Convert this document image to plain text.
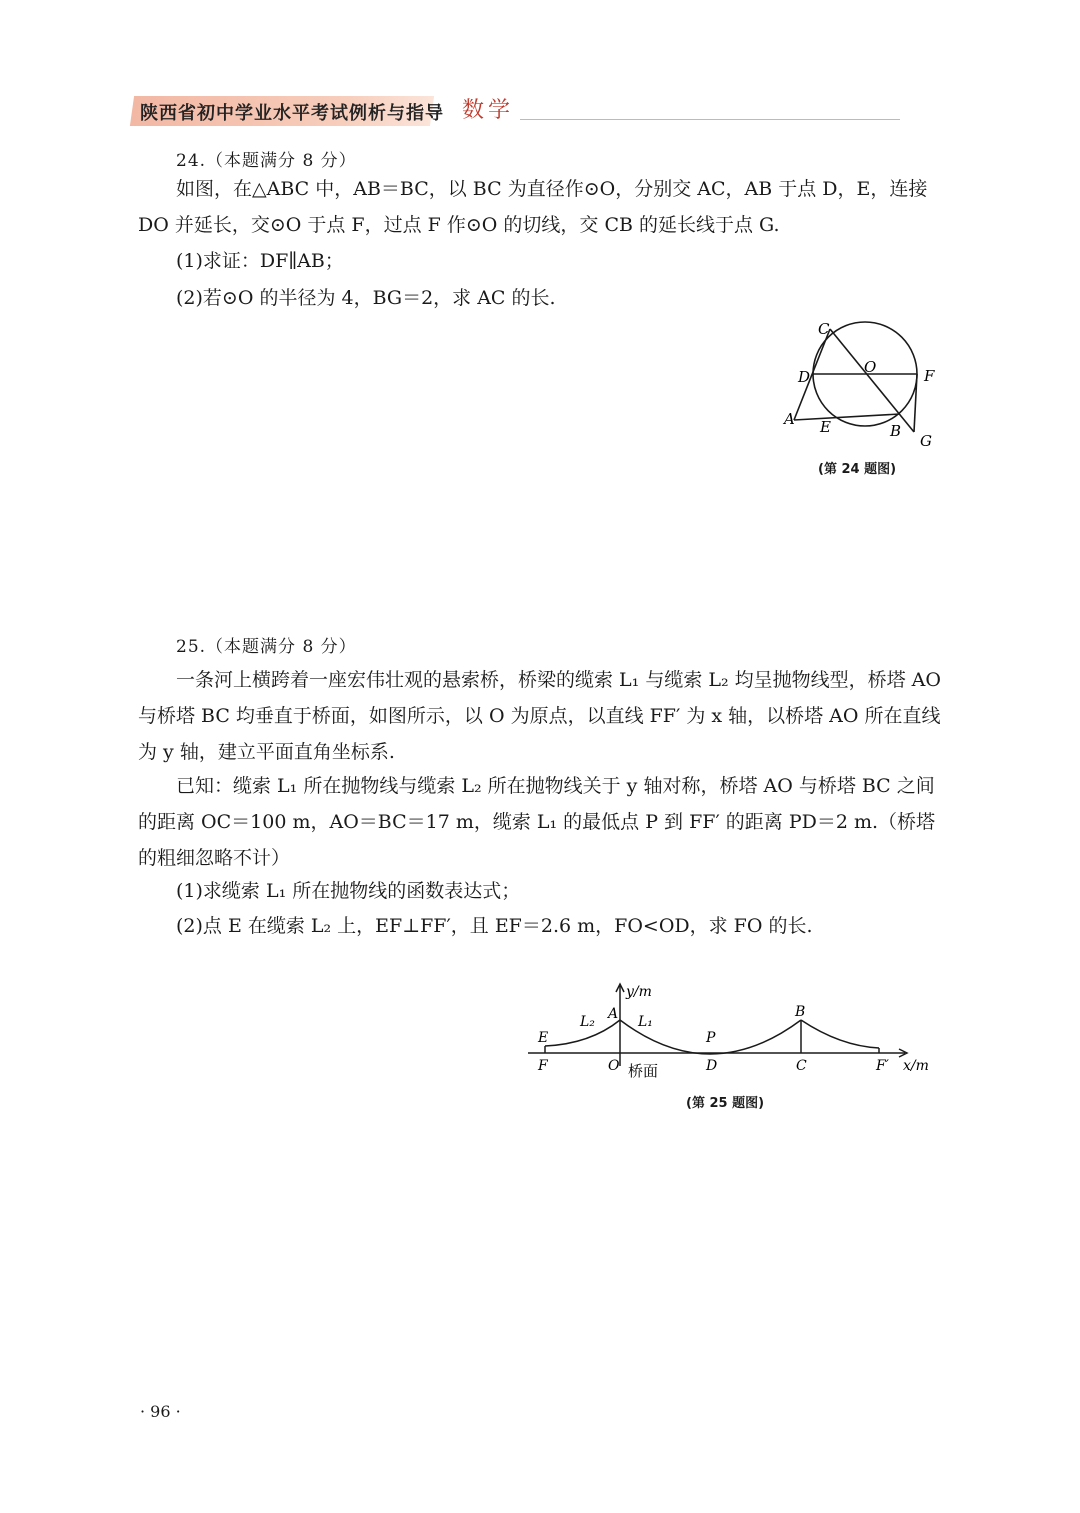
陕西省初中学业水平考试例析与指导 数学
24.（本题满分 8 分）

如图，在△ABC 中，AB＝BC，以 BC 为直径作⊙O，分别交 AC，AB 于点 D，E，连接 DO 并延长，交⊙O 于点 F，过点 F 作⊙O 的切线，交 CB 的延长线于点 G.

(1)求证：DF∥AB；

(2)若⊙O 的半径为 4，BG＝2，求 AC 的长.

C
O
D	F
A E	B
G
(第 24 题图)
25.（本题满分 8 分）

一条河上横跨着一座宏伟壮观的悬索桥，桥梁的缆索 L₁ 与缆索 L₂ 均呈抛物线型，桥塔 AO 与桥塔 BC 均垂直于桥面，如图所示，以 O 为原点，以直线 FF′ 为 x 轴，以桥塔 AO 所在直线为 y 轴，建立平面直角坐标系.

已知：缆索 L₁ 所在抛物线与缆索 L₂ 所在抛物线关于 y 轴对称，桥塔 AO 与桥塔 BC 之间的距离 OC＝100 m，AO＝BC＝17 m，缆索 L₁ 的最低点 P 到 FF′ 的距离 PD＝2 m.（桥塔的粗细忽略不计）

(1)求缆索 L₁ 所在抛物线的函数表达式；

(2)点 E 在缆索 L₂ 上，EF⊥FF′，且 EF＝2.6 m，FO<OD，求 FO 的长.

y/m
A L₁
L₂
B
P
E
F	O 桥面	D	C	F′ x/m
(第 25 题图)
· 96 ·
